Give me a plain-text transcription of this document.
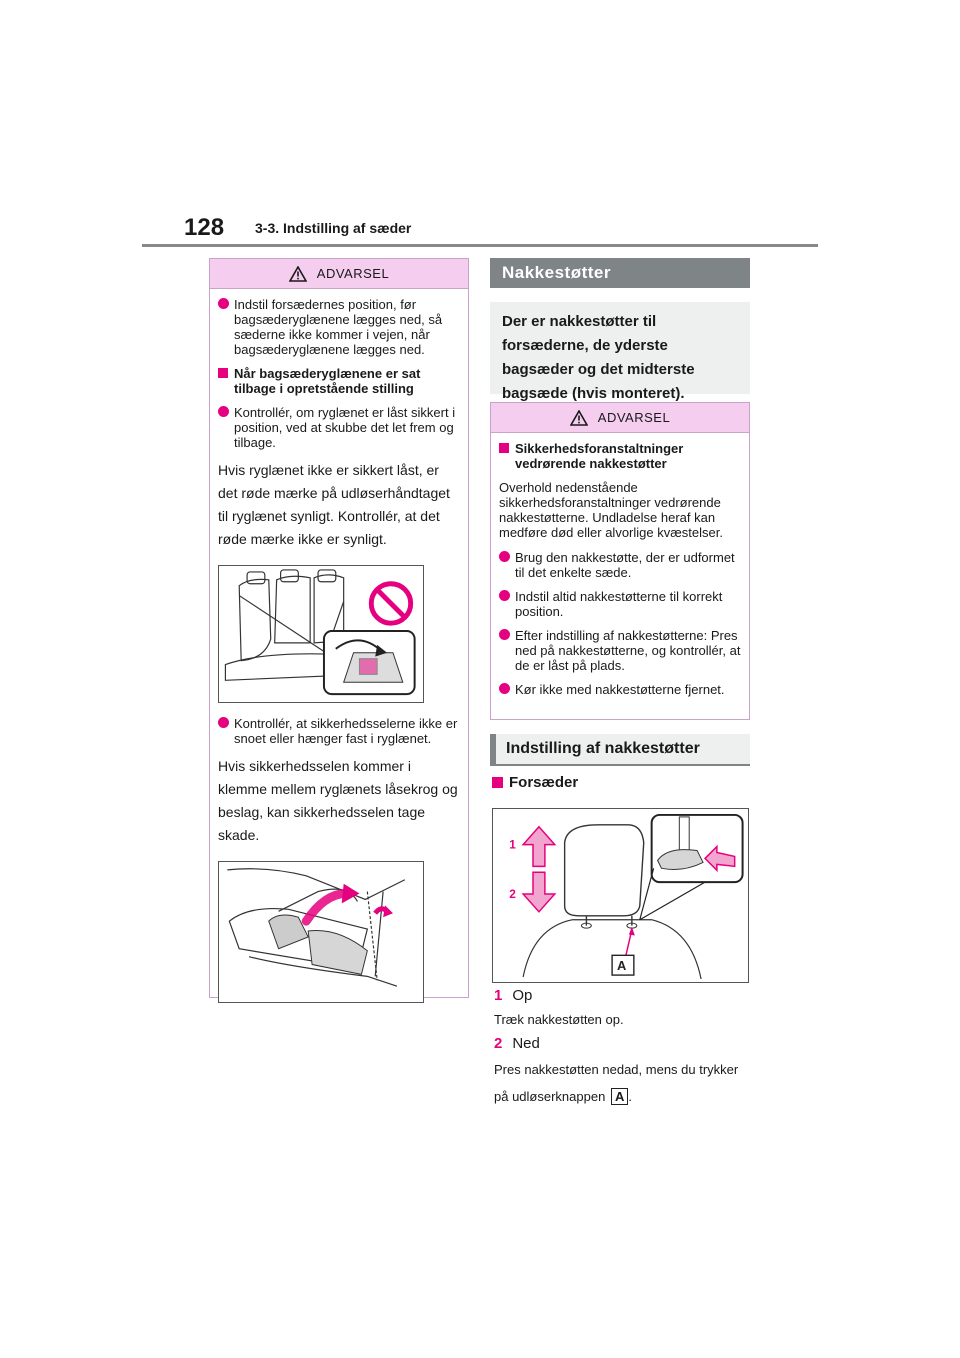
128 3-3. Indstilling af sæder
ADVARSEL
Indstil forsædernes position, før bagsæderyglænene lægges ned, så sæderne ikke kommer i vejen, når bagsæderyglænene lægges ned.
Når bagsæderyglænene er sat tilbage i opretstående stilling
Kontrollér, om ryglænet er låst sikkert i position, ved at skubbe det let frem og tilbage.

Hvis ryglænet ikke er sikkert låst, er det røde mærke på udløserhåndtaget til ryglænet synligt. Kontrollér, at det røde mærke ikke er synligt.

Kontrollér, at sikkerhedsselerne ikke er snoet eller hænger fast i ryglænet.

Hvis sikkerhedsselen kommer i klemme mellem ryglænets låsekrog og beslag, kan sikkerhedsselen tage skade.

Nakkestøtter
Der er nakkestøtter til forsæderne, de yderste bagsæder og det midterste bagsæde (hvis monteret).
ADVARSEL
Sikkerhedsforanstaltninger vedrørende nakkestøtter

Overhold nedenstående sikkerhedsforanstaltninger vedrørende nakkestøtterne. Undladelse heraf kan medføre død eller alvorlige kvæstelser.

Brug den nakkestøtte, der er udformet til det enkelte sæde.
Indstil altid nakkestøtterne til korrekt position.
Efter indstilling af nakkestøtterne: Pres ned på nakkestøtterne, og kontrollér, at de er låst på plads.
Kør ikke med nakkestøtterne fjernet.
Indstilling af nakkestøtter
Forsæder
1
2
A
1 Op
Træk nakkestøtten op.
2 Ned
Pres nakkestøtten nedad, mens du trykker på udløserknappen A .
